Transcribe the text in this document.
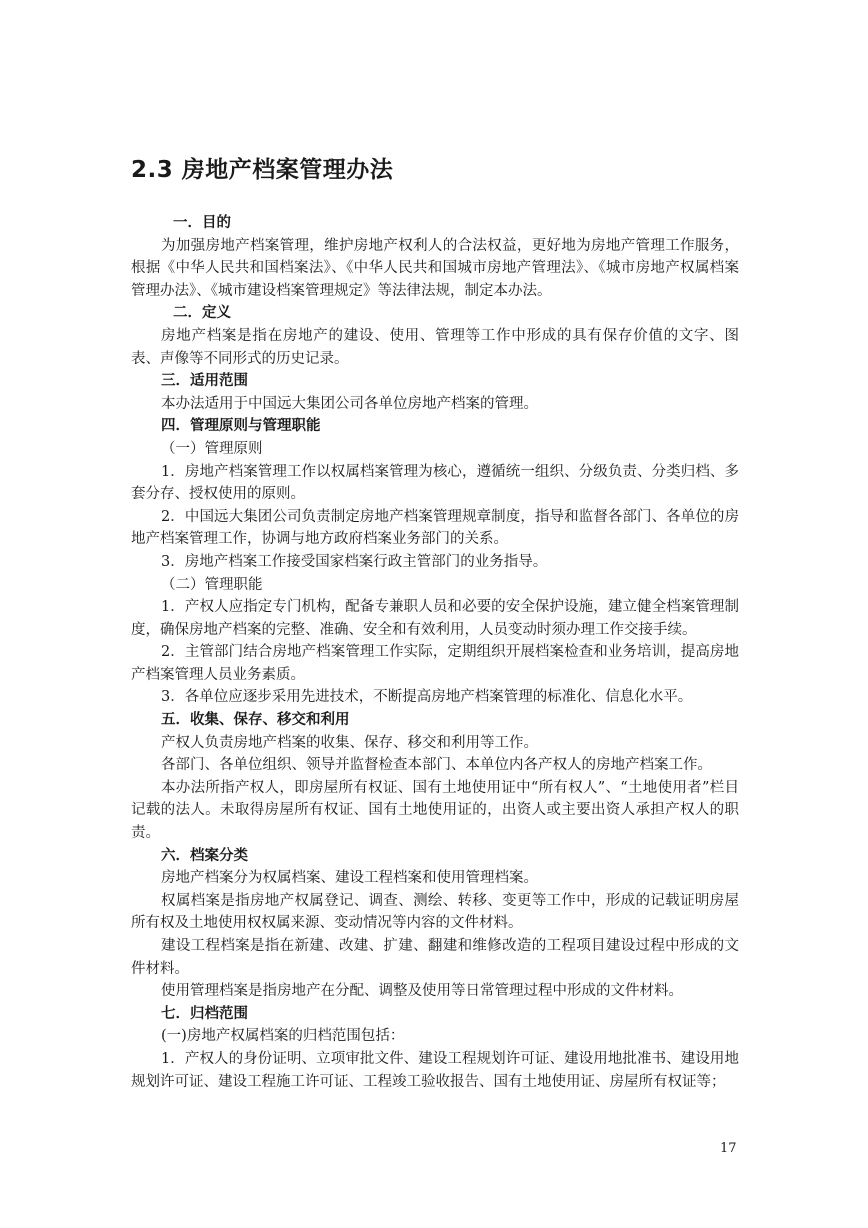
2.3 房地产档案管理办法

一．目的

为加强房地产档案管理，维护房地产权利人的合法权益，更好地为房地产管理工作服务，根据《中华人民共和国档案法》、《中华人民共和国城市房地产管理法》、《城市房地产权属档案管理办法》、《城市建设档案管理规定》等法律法规，制定本办法。

二．定义

房地产档案是指在房地产的建设、使用、管理等工作中形成的具有保存价值的文字、图表、声像等不同形式的历史记录。

三．适用范围

本办法适用于中国远大集团公司各单位房地产档案的管理。

四．管理原则与管理职能

（一）管理原则

1．房地产档案管理工作以权属档案管理为核心，遵循统一组织、分级负责、分类归档、多套分存、授权使用的原则。

2．中国远大集团公司负责制定房地产档案管理规章制度，指导和监督各部门、各单位的房地产档案管理工作，协调与地方政府档案业务部门的关系。

3．房地产档案工作接受国家档案行政主管部门的业务指导。

（二）管理职能

1．产权人应指定专门机构，配备专兼职人员和必要的安全保护设施，建立健全档案管理制度，确保房地产档案的完整、准确、安全和有效利用，人员变动时须办理工作交接手续。

2．主管部门结合房地产档案管理工作实际，定期组织开展档案检查和业务培训，提高房地产档案管理人员业务素质。

3．各单位应逐步采用先进技术，不断提高房地产档案管理的标准化、信息化水平。

五．收集、保存、移交和利用

产权人负责房地产档案的收集、保存、移交和利用等工作。

各部门、各单位组织、领导并监督检查本部门、本单位内各产权人的房地产档案工作。

本办法所指产权人，即房屋所有权证、国有土地使用证中“所有权人”、“土地使用者”栏目记载的法人。未取得房屋所有权证、国有土地使用证的，出资人或主要出资人承担产权人的职责。

六．档案分类

房地产档案分为权属档案、建设工程档案和使用管理档案。

权属档案是指房地产权属登记、调查、测绘、转移、变更等工作中，形成的记载证明房屋所有权及土地使用权权属来源、变动情况等内容的文件材料。

建设工程档案是指在新建、改建、扩建、翻建和维修改造的工程项目建设过程中形成的文件材料。

使用管理档案是指房地产在分配、调整及使用等日常管理过程中形成的文件材料。

七．归档范围

(一)房地产权属档案的归档范围包括：

1．产权人的身份证明、立项审批文件、建设工程规划许可证、建设用地批准书、建设用地规划许可证、建设工程施工许可证、工程竣工验收报告、国有土地使用证、房屋所有权证等；

17
